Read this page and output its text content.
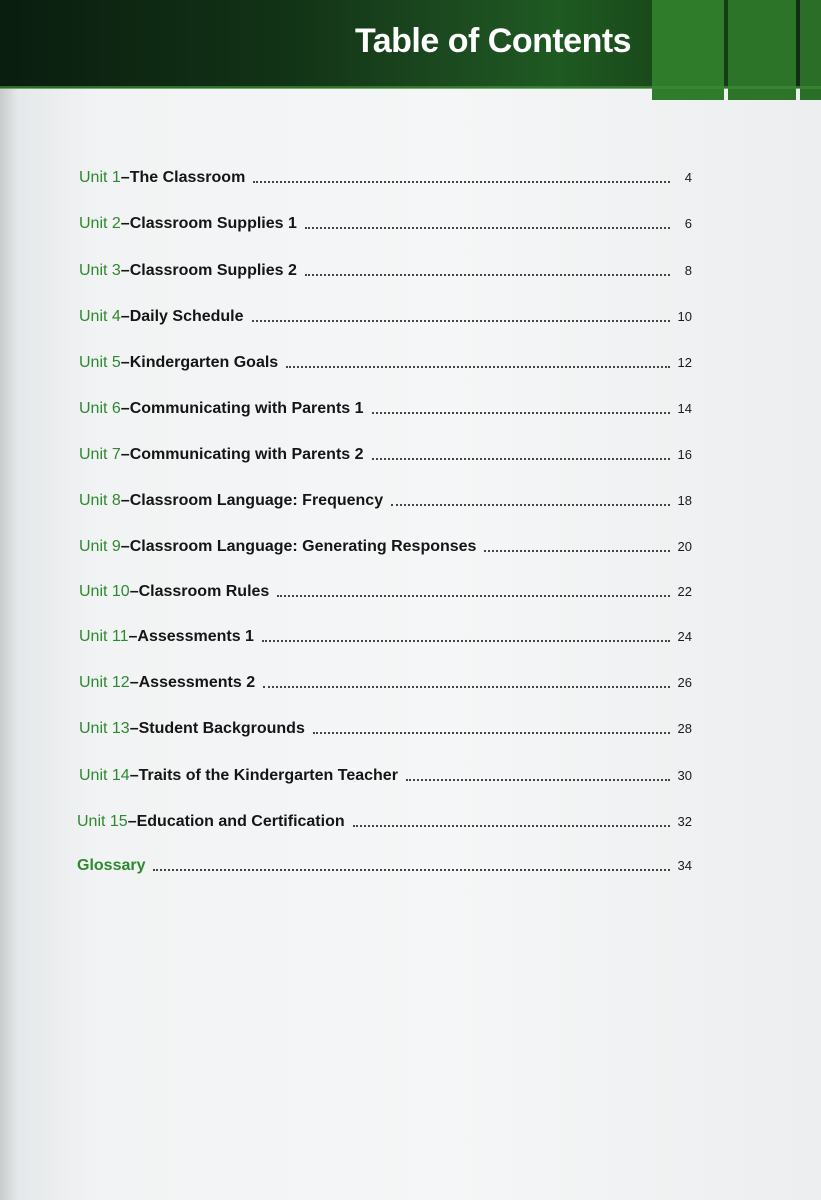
Table of Contents
Unit 1 – The Classroom	4
Unit 2 – Classroom Supplies 1	6
Unit 3 – Classroom Supplies 2	8
Unit 4 – Daily Schedule	10
Unit 5 – Kindergarten Goals	12
Unit 6 – Communicating with Parents 1	14
Unit 7 – Communicating with Parents 2	16
Unit 8 – Classroom Language: Frequency	18
Unit 9 – Classroom Language: Generating Responses	20
Unit 10 – Classroom Rules	22
Unit 11 – Assessments 1	24
Unit 12 – Assessments 2	26
Unit 13 – Student Backgrounds	28
Unit 14 – Traits of the Kindergarten Teacher	30
Unit 15 – Education and Certification	32
Glossary	34
